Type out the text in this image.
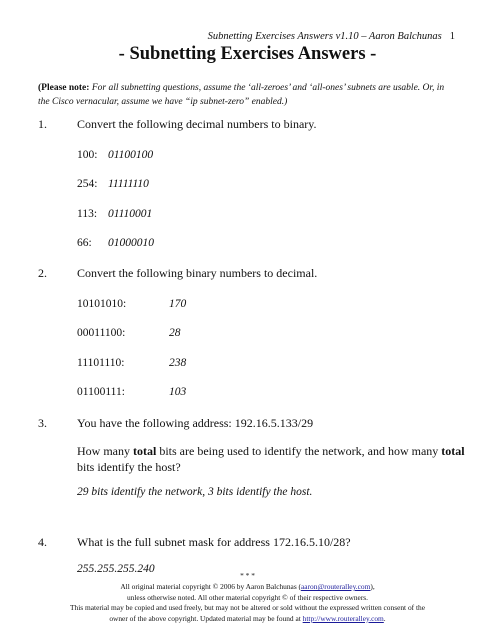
Subnetting Exercises Answers v1.10 – Aaron Balchunas 1
- Subnetting Exercises Answers -
(Please note: For all subnetting questions, assume the ‘all-zeroes’ and ‘all-ones’ subnets are usable. Or, in the Cisco vernacular, assume we have “ip subnet-zero” enabled.)
1.	Convert the following decimal numbers to binary.
100: 01100100
254: 11111110
113: 01110001
66: 01000010
2.	Convert the following binary numbers to decimal.
10101010:	170
00011100:	28
11101110:	238
01100111:	103
3.	You have the following address: 192.16.5.133/29
How many total bits are being used to identify the network, and how many total bits identify the host?
29 bits identify the network, 3 bits identify the host.
4.	What is the full subnet mask for address 172.16.5.10/28?
255.255.255.240
* * *
All original material copyright © 2006 by Aaron Balchunas (aaron@routeralley.com),
unless otherwise noted. All other material copyright © of their respective owners.
This material may be copied and used freely, but may not be altered or sold without the expressed written consent of the
owner of the above copyright. Updated material may be found at http://www.routeralley.com.
